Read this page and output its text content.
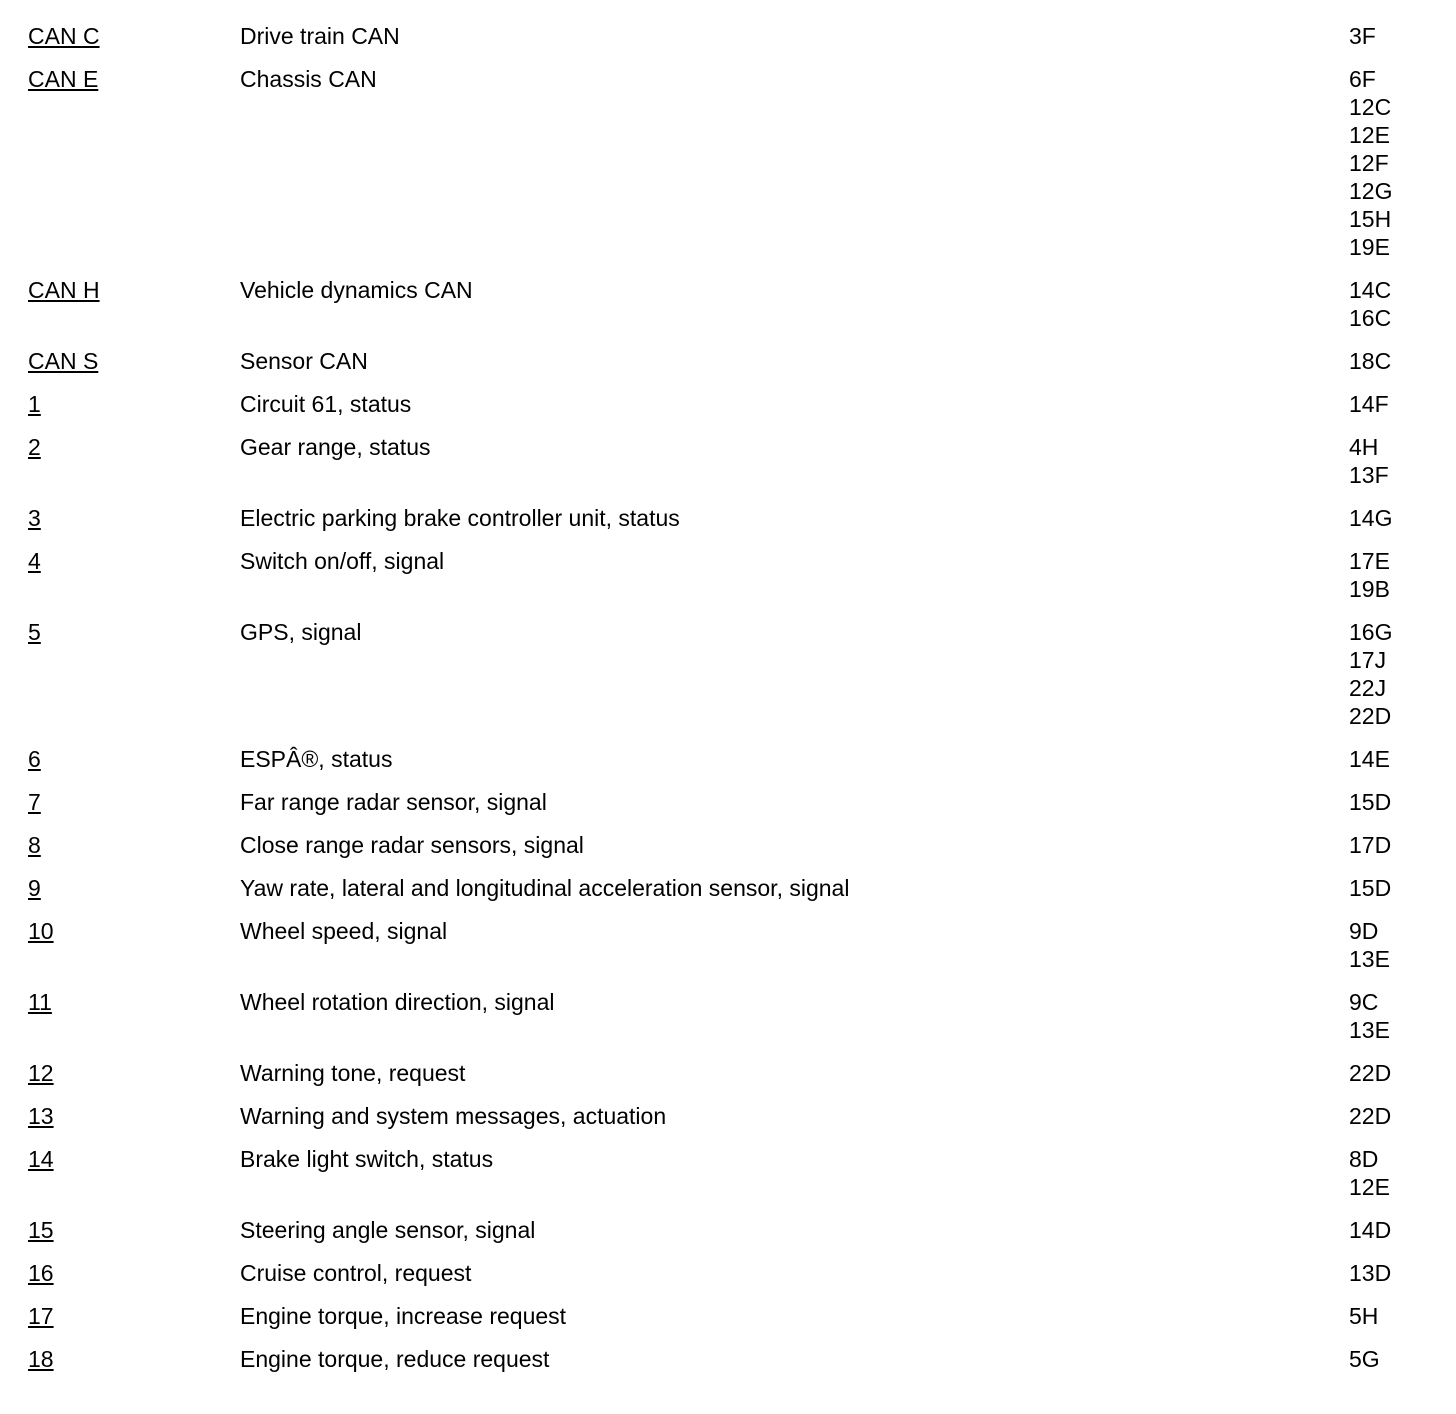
CAN C	Drive train CAN	3F
CAN E	Chassis CAN	6F
12C
12E
12F
12G
15H
19E
CAN H	Vehicle dynamics CAN	14C
16C
CAN S	Sensor CAN	18C
1	Circuit 61, status	14F
2	Gear range, status	4H
13F
3	Electric parking brake controller unit, status	14G
4	Switch on/off, signal	17E
19B
5	GPS, signal	16G
17J
22J
22D
6	ESPÂ®, status	14E
7	Far range radar sensor, signal	15D
8	Close range radar sensors, signal	17D
9	Yaw rate, lateral and longitudinal acceleration sensor, signal	15D
10	Wheel speed, signal	9D
13E
11	Wheel rotation direction, signal	9C
13E
12	Warning tone, request	22D
13	Warning and system messages, actuation	22D
14	Brake light switch, status	8D
12E
15	Steering angle sensor, signal	14D
16	Cruise control, request	13D
17	Engine torque, increase request	5H
18	Engine torque, reduce request	5G
